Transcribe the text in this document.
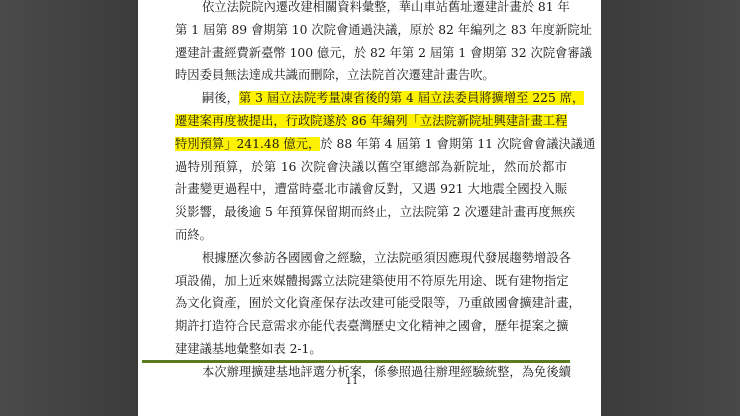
依立法院院內遷改建相關資料彙整，華山車站舊址遷建計畫於 81 年
第 1 屆第 89 會期第 10 次院會通過決議，原於 82 年編列之 83 年度新院址
遷建計畫經費新臺幣 100 億元，於 82 年第 2 屆第 1 會期第 32 次院會審議
時因委員無法達成共識而刪除，立法院首次遷建計畫告吹。
嗣後，第 3 屆立法院考量凍省後的第 4 屆立法委員將擴增至 225 席，
遷建案再度被提出，行政院遂於 86 年編列「立法院新院址興建計畫工程
特別預算」241.48 億元，於 88 年第 4 屆第 1 會期第 11 次院會會議決議通
過特別預算，於第 16 次院會決議以舊空軍總部為新院址，然而於都市
計畫變更過程中，遭當時臺北市議會反對，又遇 921 大地震全國投入賑
災影響，最後逾 5 年預算保留期而終止，立法院第 2 次遷建計畫再度無疾
而終。
根據歷次參訪各國國會之經驗，立法院亟須因應現代發展趨勢增設各
項設備，加上近來媒體揭露立法院建築使用不符原先用途、既有建物指定
為文化資產，囿於文化資產保存法改建可能受限等，乃重啟國會擴建計畫，
期許打造符合民意需求亦能代表臺灣歷史文化精神之國會，歷年提案之擴
建建議基地彙整如表 2-1。
本次辦理擴建基地評選分析案，係參照過往辦理經驗統整，為免後續
11
